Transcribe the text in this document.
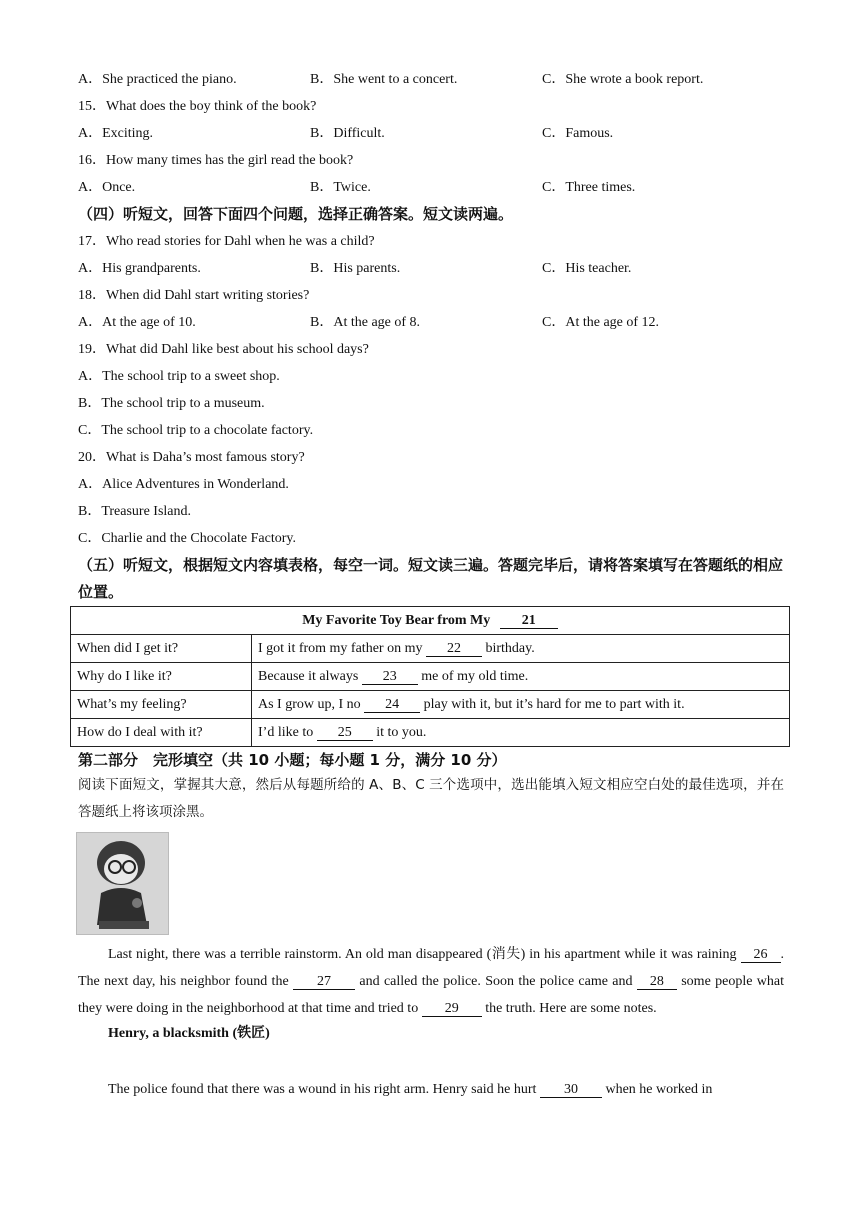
A．She practiced the piano.	B．She went to a concert.	C．She wrote a book report.
15．What does the boy think of the book?
A．Exciting.	B．Difficult.	C．Famous.
16．How many times has the girl read the book?
A．Once.	B．Twice.	C．Three times.
（四）听短文，回答下面四个问题，选择正确答案。短文读两遍。
17．Who read stories for Dahl when he was a child?
A．His grandparents.	B．His parents.	C．His teacher.
18．When did Dahl start writing stories?
A．At the age of 10.	B．At the age of 8.	C．At the age of 12.
19．What did Dahl like best about his school days?
A．The school trip to a sweet shop.
B．The school trip to a museum.
C．The school trip to a chocolate factory.
20．What is Daha’s most famous story?
A．Alice Adventures in Wonderland.
B．Treasure Island.
C．Charlie and the Chocolate Factory.
（五）听短文，根据短文内容填表格，每空一词。短文读三遍。答题完毕后，请将答案填写在答题纸的相应位置。
My Favorite Toy Bear from My 21	
When did I get it?	I got it from my father on my 22 birthday.
Why do I like it?	Because it always 23 me of my old time.
What’s my feeling?	As I grow up, I no 24 play with it, but it’s hard for me to part with it.
How do I deal with it?	I’d like to 25 it to you.
第二部分　完形填空（共 10 小题；每小题 1 分，满分 10 分）
阅读下面短文，掌握其大意，然后从每题所给的 A、B、C 三个选项中，选出能填入短文相应空白处的最佳选项，并在答题纸上将该项涂黑。
Last night, there was a terrible rainstorm. An old man disappeared (消失) in his apartment while it was raining 26 . The next day, his neighbor found the 27 and called the police. Soon the police came and 28 some people what they were doing in the neighborhood at that time and tried to 29 the truth. Here are some notes.
Henry, a blacksmith (铁匠)
The police found that there was a wound in his right arm. Henry said he hurt 30 when he worked in
